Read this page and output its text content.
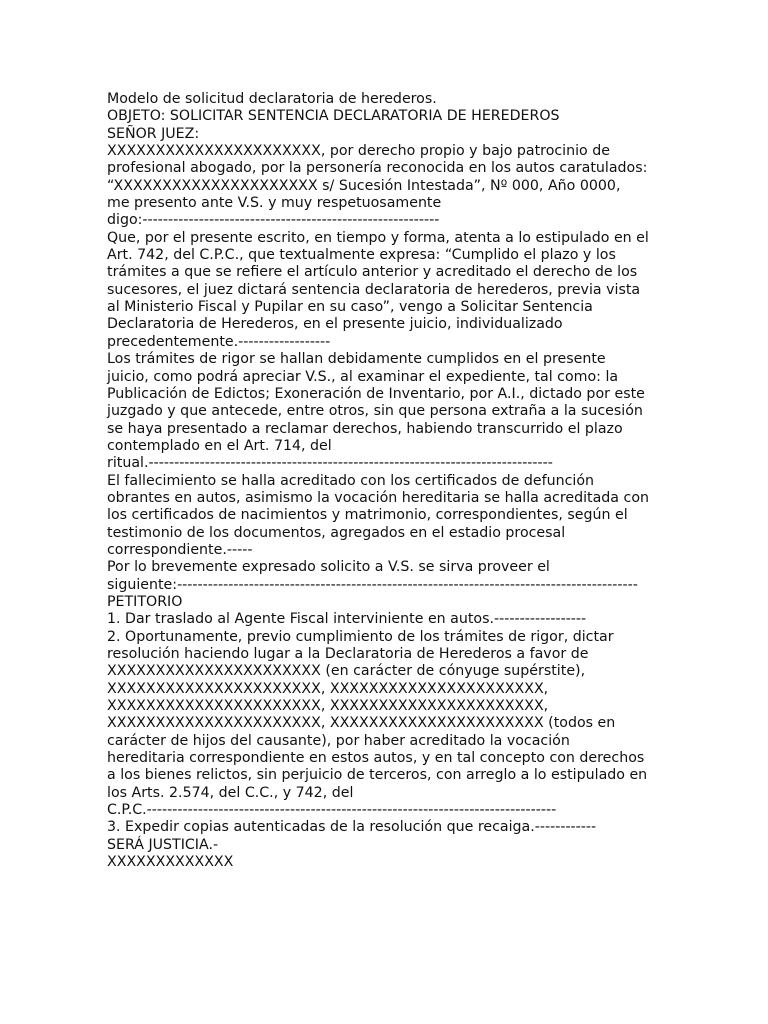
Modelo de solicitud declaratoria de herederos.
OBJETO: SOLICITAR SENTENCIA DECLARATORIA DE HEREDEROS
SEÑOR JUEZ:
XXXXXXXXXXXXXXXXXXXXXX, por derecho propio y bajo patrocinio de
profesional abogado, por la personería reconocida en los autos caratulados:
“XXXXXXXXXXXXXXXXXXXXX s/ Sucesión Intestada”, Nº 000, Año 0000,
me presento ante V.S. y muy respetuosamente
digo:----------------------------------------------------------
Que, por el presente escrito, en tiempo y forma, atenta a lo estipulado en el
Art. 742, del C.P.C., que textualmente expresa: “Cumplido el plazo y los
trámites a que se refiere el artículo anterior y acreditado el derecho de los
sucesores, el juez dictará sentencia declaratoria de herederos, previa vista
al Ministerio Fiscal y Pupilar en su caso”, vengo a Solicitar Sentencia
Declaratoria de Herederos, en el presente juicio, individualizado
precedentemente.------------------
Los trámites de rigor se hallan debidamente cumplidos en el presente
juicio, como podrá apreciar V.S., al examinar el expediente, tal como: la
Publicación de Edictos; Exoneración de Inventario, por A.I., dictado por este
juzgado y que antecede, entre otros, sin que persona extraña a la sucesión
se haya presentado a reclamar derechos, habiendo transcurrido el plazo
contemplado en el Art. 714, del
ritual.-------------------------------------------------------------------------------
El fallecimiento se halla acreditado con los certificados de defunción
obrantes en autos, asimismo la vocación hereditaria se halla acreditada con
los certificados de nacimientos y matrimonio, correspondientes, según el
testimonio de los documentos, agregados en el estadio procesal
correspondiente.-----
Por lo brevemente expresado solicito a V.S. se sirva proveer el
siguiente:------------------------------------------------------------------------------------------
PETITORIO
1. Dar traslado al Agente Fiscal interviniente en autos.------------------
2. Oportunamente, previo cumplimiento de los trámites de rigor, dictar
resolución haciendo lugar a la Declaratoria de Herederos a favor de
XXXXXXXXXXXXXXXXXXXXXX (en carácter de cónyuge supérstite),
XXXXXXXXXXXXXXXXXXXXXX, XXXXXXXXXXXXXXXXXXXXXX,
XXXXXXXXXXXXXXXXXXXXXX, XXXXXXXXXXXXXXXXXXXXXX,
XXXXXXXXXXXXXXXXXXXXXX, XXXXXXXXXXXXXXXXXXXXXX (todos en
carácter de hijos del causante), por haber acreditado la vocación
hereditaria correspondiente en estos autos, y en tal concepto con derechos
a los bienes relictos, sin perjuicio de terceros, con arreglo a lo estipulado en
los Arts. 2.574, del C.C., y 742, del
C.P.C.--------------------------------------------------------------------------------
3. Expedir copias autenticadas de la resolución que recaiga.------------
SERÁ JUSTICIA.-
XXXXXXXXXXXXX
